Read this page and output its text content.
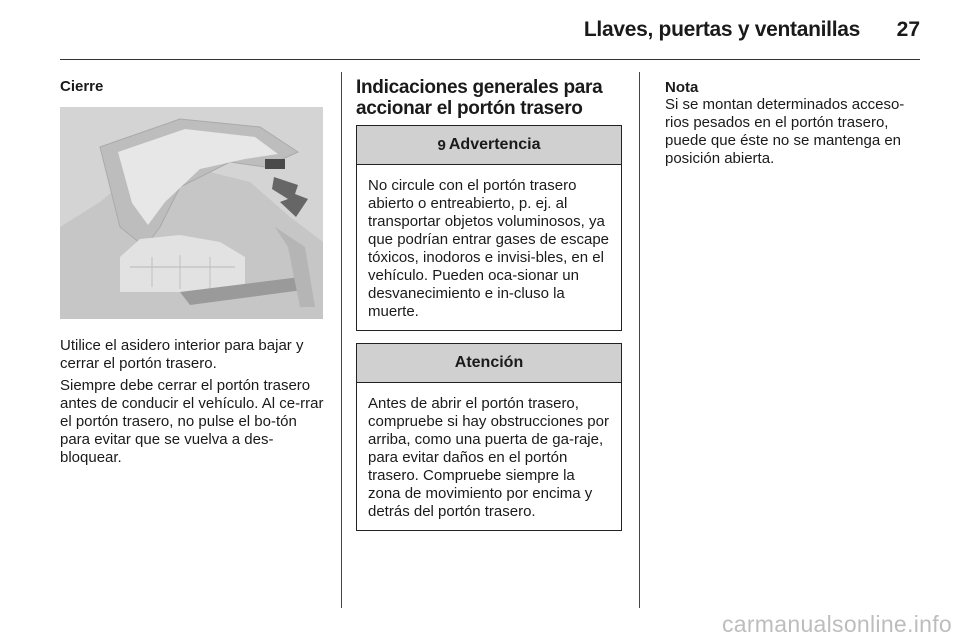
Llaves, puertas y ventanillas	27
Cierre

Utilice el asidero interior para bajar y cerrar el portón trasero.

Siempre debe cerrar el portón trasero antes de conducir el vehículo. Al ce-rrar el portón trasero, no pulse el bo-tón para evitar que se vuelva a des-bloquear.

Indicaciones generales para accionar el portón trasero
9 Advertencia
No circule con el portón trasero abierto o entreabierto, p. ej. al transportar objetos voluminosos, ya que podrían entrar gases de escape tóxicos, inodoros e invisi-bles, en el vehículo. Pueden oca-sionar un desvanecimiento e in-cluso la muerte.
Atención
Antes de abrir el portón trasero, compruebe si hay obstrucciones por arriba, como una puerta de ga-raje, para evitar daños en el portón trasero. Compruebe siempre la zona de movimiento por encima y detrás del portón trasero.
Nota

Si se montan determinados acceso-rios pesados en el portón trasero, puede que éste no se mantenga en posición abierta.

carmanualsonline.info
